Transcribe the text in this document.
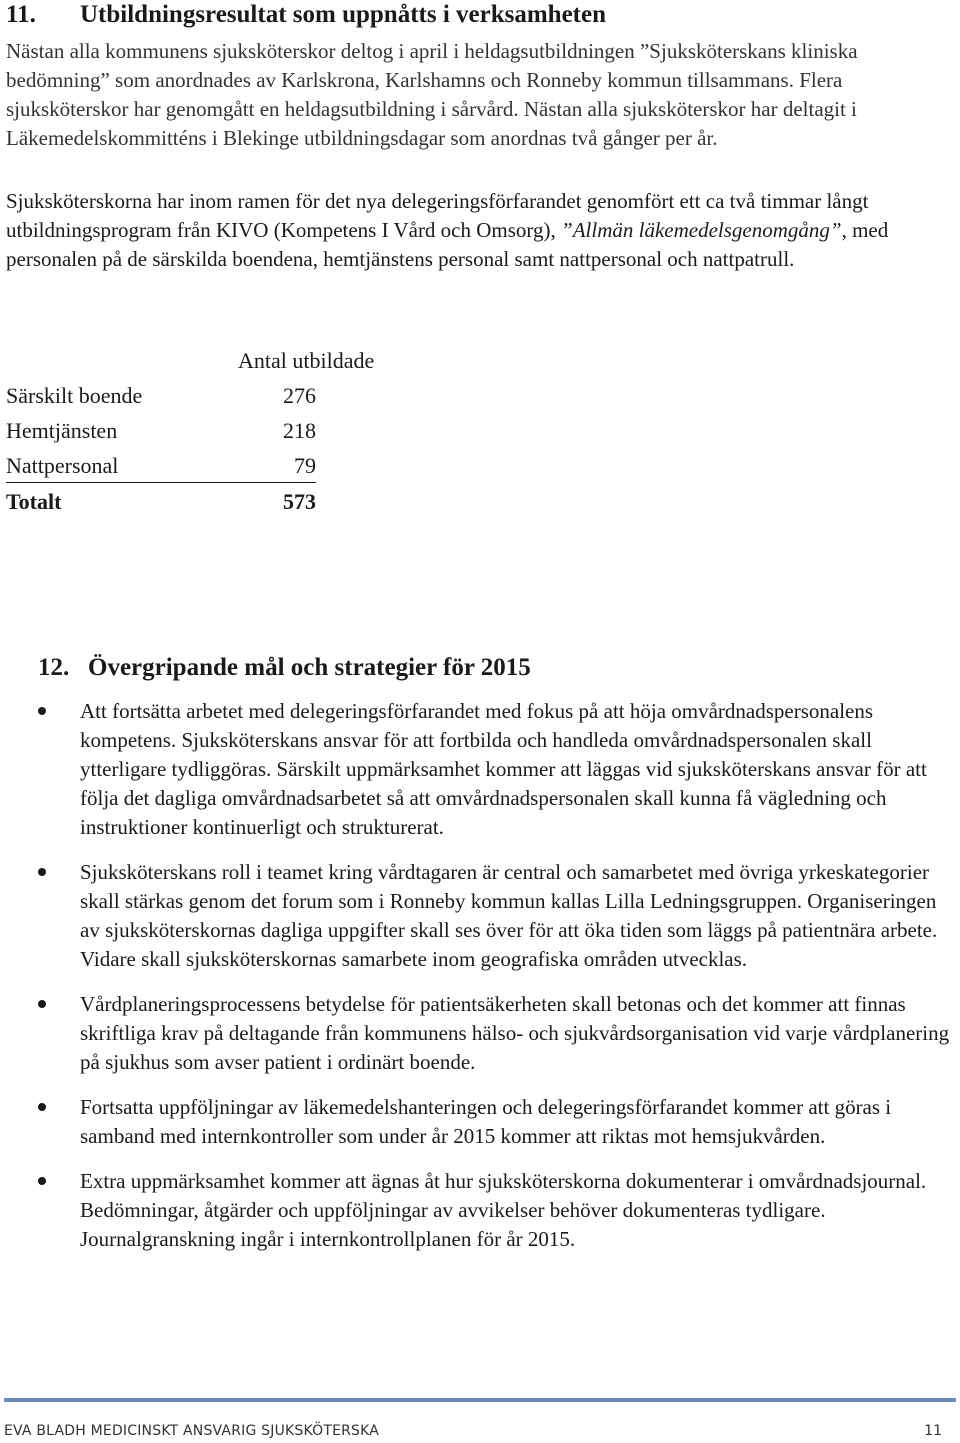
11. Utbildningsresultat som uppnåtts i verksamheten

Nästan alla kommunens sjuksköterskor deltog i april i heldagsutbildningen ”Sjuksköterskans kliniska bedömning” som anordnades av Karlskrona, Karlshamns och Ronneby kommun tillsammans. Flera sjuksköterskor har genomgått en heldagsutbildning i sårvård. Nästan alla sjuksköterskor har deltagit i Läkemedelskommitténs i Blekinge utbildningsdagar som anordnas två gånger per år.

Sjuksköterskorna har inom ramen för det nya delegeringsförfarandet genomfört ett ca två timmar långt utbildningsprogram från KIVO (Kompetens I Vård och Omsorg), ”Allmän läkemedelsgenomgång”, med personalen på de särskilda boendena, hemtjänstens personal samt nattpersonal och nattpatrull.

Antal utbildade
Särskilt boende	276
Hemtjänsten	218
Nattpersonal	79
Totalt	573
12. Övergripande mål och strategier för 2015
Att fortsätta arbetet med delegeringsförfarandet med fokus på att höja omvårdnadspersonalens kompetens. Sjuksköterskans ansvar för att fortbilda och handleda omvårdnadspersonalen skall ytterligare tydliggöras. Särskilt uppmärksamhet kommer att läggas vid sjuksköterskans ansvar för att följa det dagliga omvårdnadsarbetet så att omvårdnadspersonalen skall kunna få vägledning och instruktioner kontinuerligt och strukturerat.
Sjuksköterskans roll i teamet kring vårdtagaren är central och samarbetet med övriga yrkeskategorier skall stärkas genom det forum som i Ronneby kommun kallas Lilla Ledningsgruppen. Organiseringen av sjuksköterskornas dagliga uppgifter skall ses över för att öka tiden som läggs på patientnära arbete. Vidare skall sjuksköterskornas samarbete inom geografiska områden utvecklas.
Vårdplaneringsprocessens betydelse för patientsäkerheten skall betonas och det kommer att finnas skriftliga krav på deltagande från kommunens hälso- och sjukvårdsorganisation vid varje vårdplanering på sjukhus som avser patient i ordinärt boende.
Fortsatta uppföljningar av läkemedelshanteringen och delegeringsförfarandet kommer att göras i samband med internkontroller som under år 2015 kommer att riktas mot hemsjukvården.
Extra uppmärksamhet kommer att ägnas åt hur sjuksköterskorna dokumenterar i omvårdnadsjournal. Bedömningar, åtgärder och uppföljningar av avvikelser behöver dokumenteras tydligare. Journalgranskning ingår i internkontrollplanen för år 2015.
EVA BLADH MEDICINSKT ANSVARIG SJUKSKÖTERSKA	11
